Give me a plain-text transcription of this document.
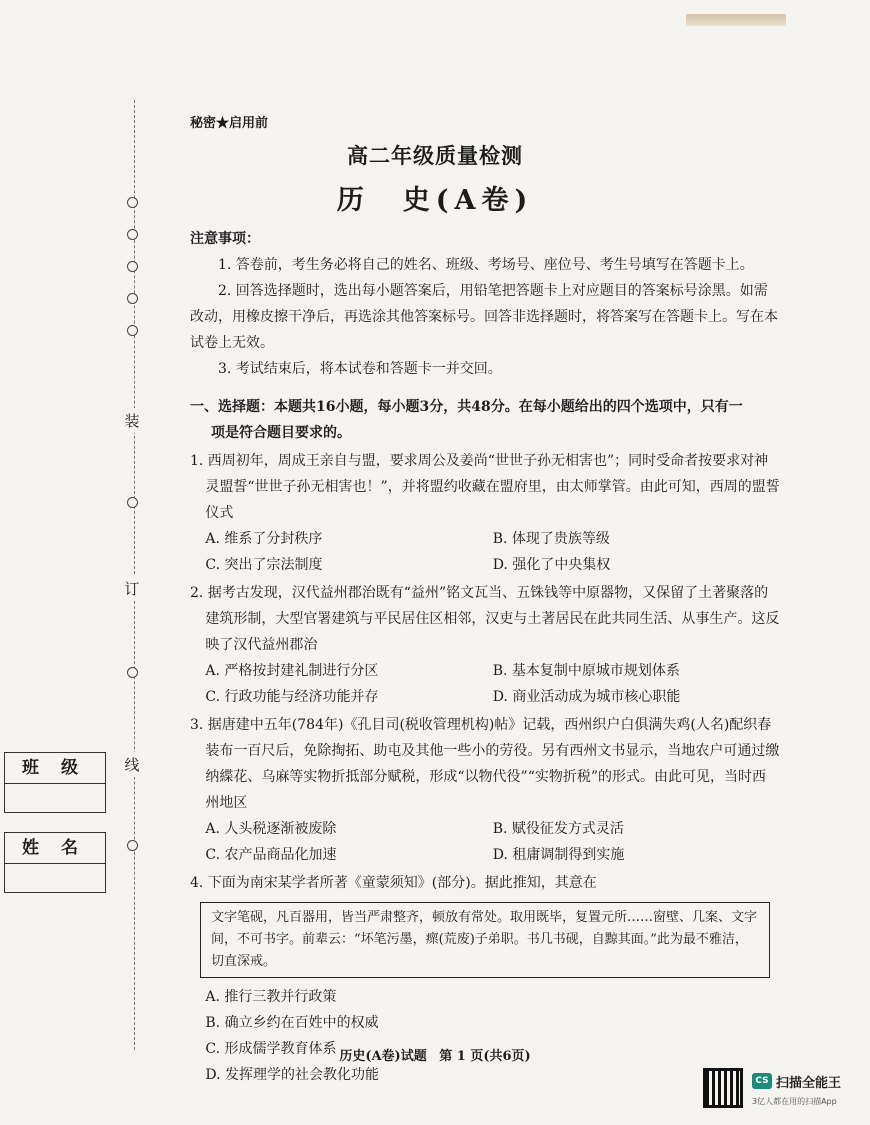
装
订
线
班级
姓名
秘密★启用前
高二年级质量检测
历　史(A卷)
注意事项：

1. 答卷前，考生务必将自己的姓名、班级、考场号、座位号、考生号填写在答题卡上。

2. 回答选择题时，选出每小题答案后，用铅笔把答题卡上对应题目的答案标号涂黑。如需改动，用橡皮擦干净后，再选涂其他答案标号。回答非选择题时，将答案写在答题卡上。写在本试卷上无效。

3. 考试结束后，将本试卷和答题卡一并交回。

一、选择题：本题共16小题，每小题3分，共48分。在每小题给出的四个选项中，只有一
项是符合题目要求的。

1. 西周初年，周成王亲自与盟，要求周公及姜尚“世世子孙无相害也”；同时受命者按要求对神灵盟誓“世世子孙无相害也！”，并将盟约收藏在盟府里，由太师掌管。由此可知，西周的盟誓仪式

A. 维系了分封秩序	B. 体现了贵族等级
C. 突出了宗法制度	D. 强化了中央集权

2. 据考古发现，汉代益州郡治既有“益州”铭文瓦当、五铢钱等中原器物，又保留了土著聚落的建筑形制，大型官署建筑与平民居住区相邻，汉吏与土著居民在此共同生活、从事生产。这反映了汉代益州郡治

A. 严格按封建礼制进行分区	B. 基本复制中原城市规划体系
C. 行政功能与经济功能并存	D. 商业活动成为城市核心职能

3. 据唐建中五年(784年)《孔目司(税收管理机构)帖》记载，西州织户白俱满失鸡(人名)配织春装布一百尺后，免除掏拓、助屯及其他一些小的劳役。另有西州文书显示，当地农户可通过缴纳緤花、乌麻等实物折抵部分赋税，形成“以物代役”“实物折税”的形式。由此可见，当时西州地区

A. 人头税逐渐被废除	B. 赋役征发方式灵活
C. 农产品商品化加速	D. 租庸调制得到实施

4. 下面为南宋某学者所著《童蒙须知》(部分)。据此推知，其意在

文字笔砚，凡百器用，皆当严肃整齐，顿放有常处。取用既毕，复置元所……窗壁、几案、文字间，不可书字。前辈云：“坏笔污墨，瘝(荒废)子弟职。书几书砚，自黥其面。”此为最不雅洁，切直深戒。
A. 推行三教并行政策
B. 确立乡约在百姓中的权威
C. 形成儒学教育体系
D. 发挥理学的社会教化功能
历史(A卷)试题 第 1 页(共6页)
CS 扫描全能王
3亿人都在用的扫描App
